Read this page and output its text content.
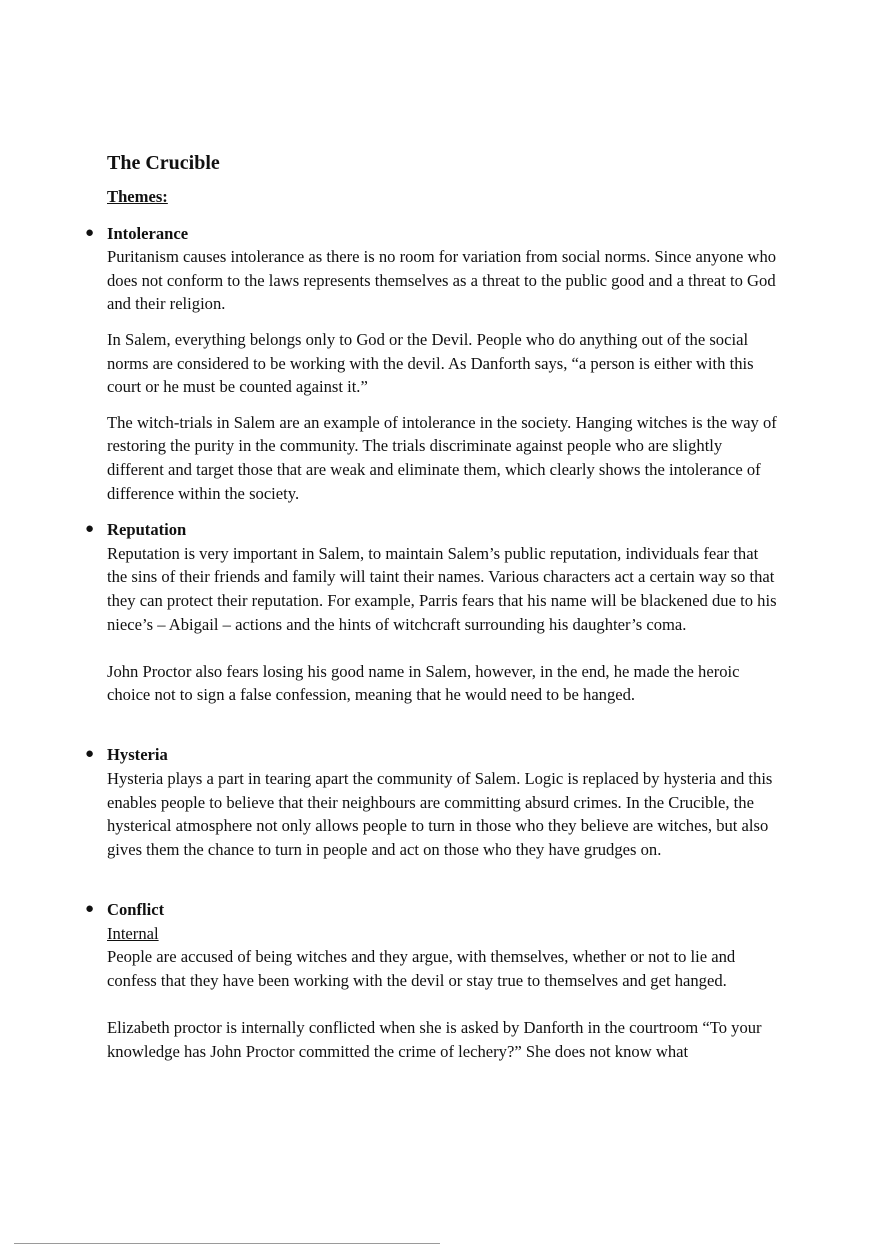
The Crucible
Themes:
● Intolerance
Puritanism causes intolerance as there is no room for variation from social norms. Since anyone who does not conform to the laws represents themselves as a threat to the public good and a threat to God and their religion.
In Salem, everything belongs only to God or the Devil. People who do anything out of the social norms are considered to be working with the devil. As Danforth says, “a person is either with this court or he must be counted against it.”
The witch-trials in Salem are an example of intolerance in the society. Hanging witches is the way of restoring the purity in the community. The trials discriminate against people who are slightly different and target those that are weak and eliminate them, which clearly shows the intolerance of difference within the society.
● Reputation
Reputation is very important in Salem, to maintain Salem’s public reputation, individuals fear that the sins of their friends and family will taint their names. Various characters act a certain way so that they can protect their reputation. For example, Parris fears that his name will be blackened due to his niece’s – Abigail – actions and the hints of witchcraft surrounding his daughter’s coma.
John Proctor also fears losing his good name in Salem, however, in the end, he made the heroic choice not to sign a false confession, meaning that he would need to be hanged.
● Hysteria
Hysteria plays a part in tearing apart the community of Salem. Logic is replaced by hysteria and this enables people to believe that their neighbours are committing absurd crimes. In the Crucible, the hysterical atmosphere not only allows people to turn in those who they believe are witches, but also gives them the chance to turn in people and act on those who they have grudges on.
● Conflict
Internal
People are accused of being witches and they argue, with themselves, whether or not to lie and confess that they have been working with the devil or stay true to themselves and get hanged.
Elizabeth proctor is internally conflicted when she is asked by Danforth in the courtroom “To your knowledge has John Proctor committed the crime of lechery?” She does not know what
